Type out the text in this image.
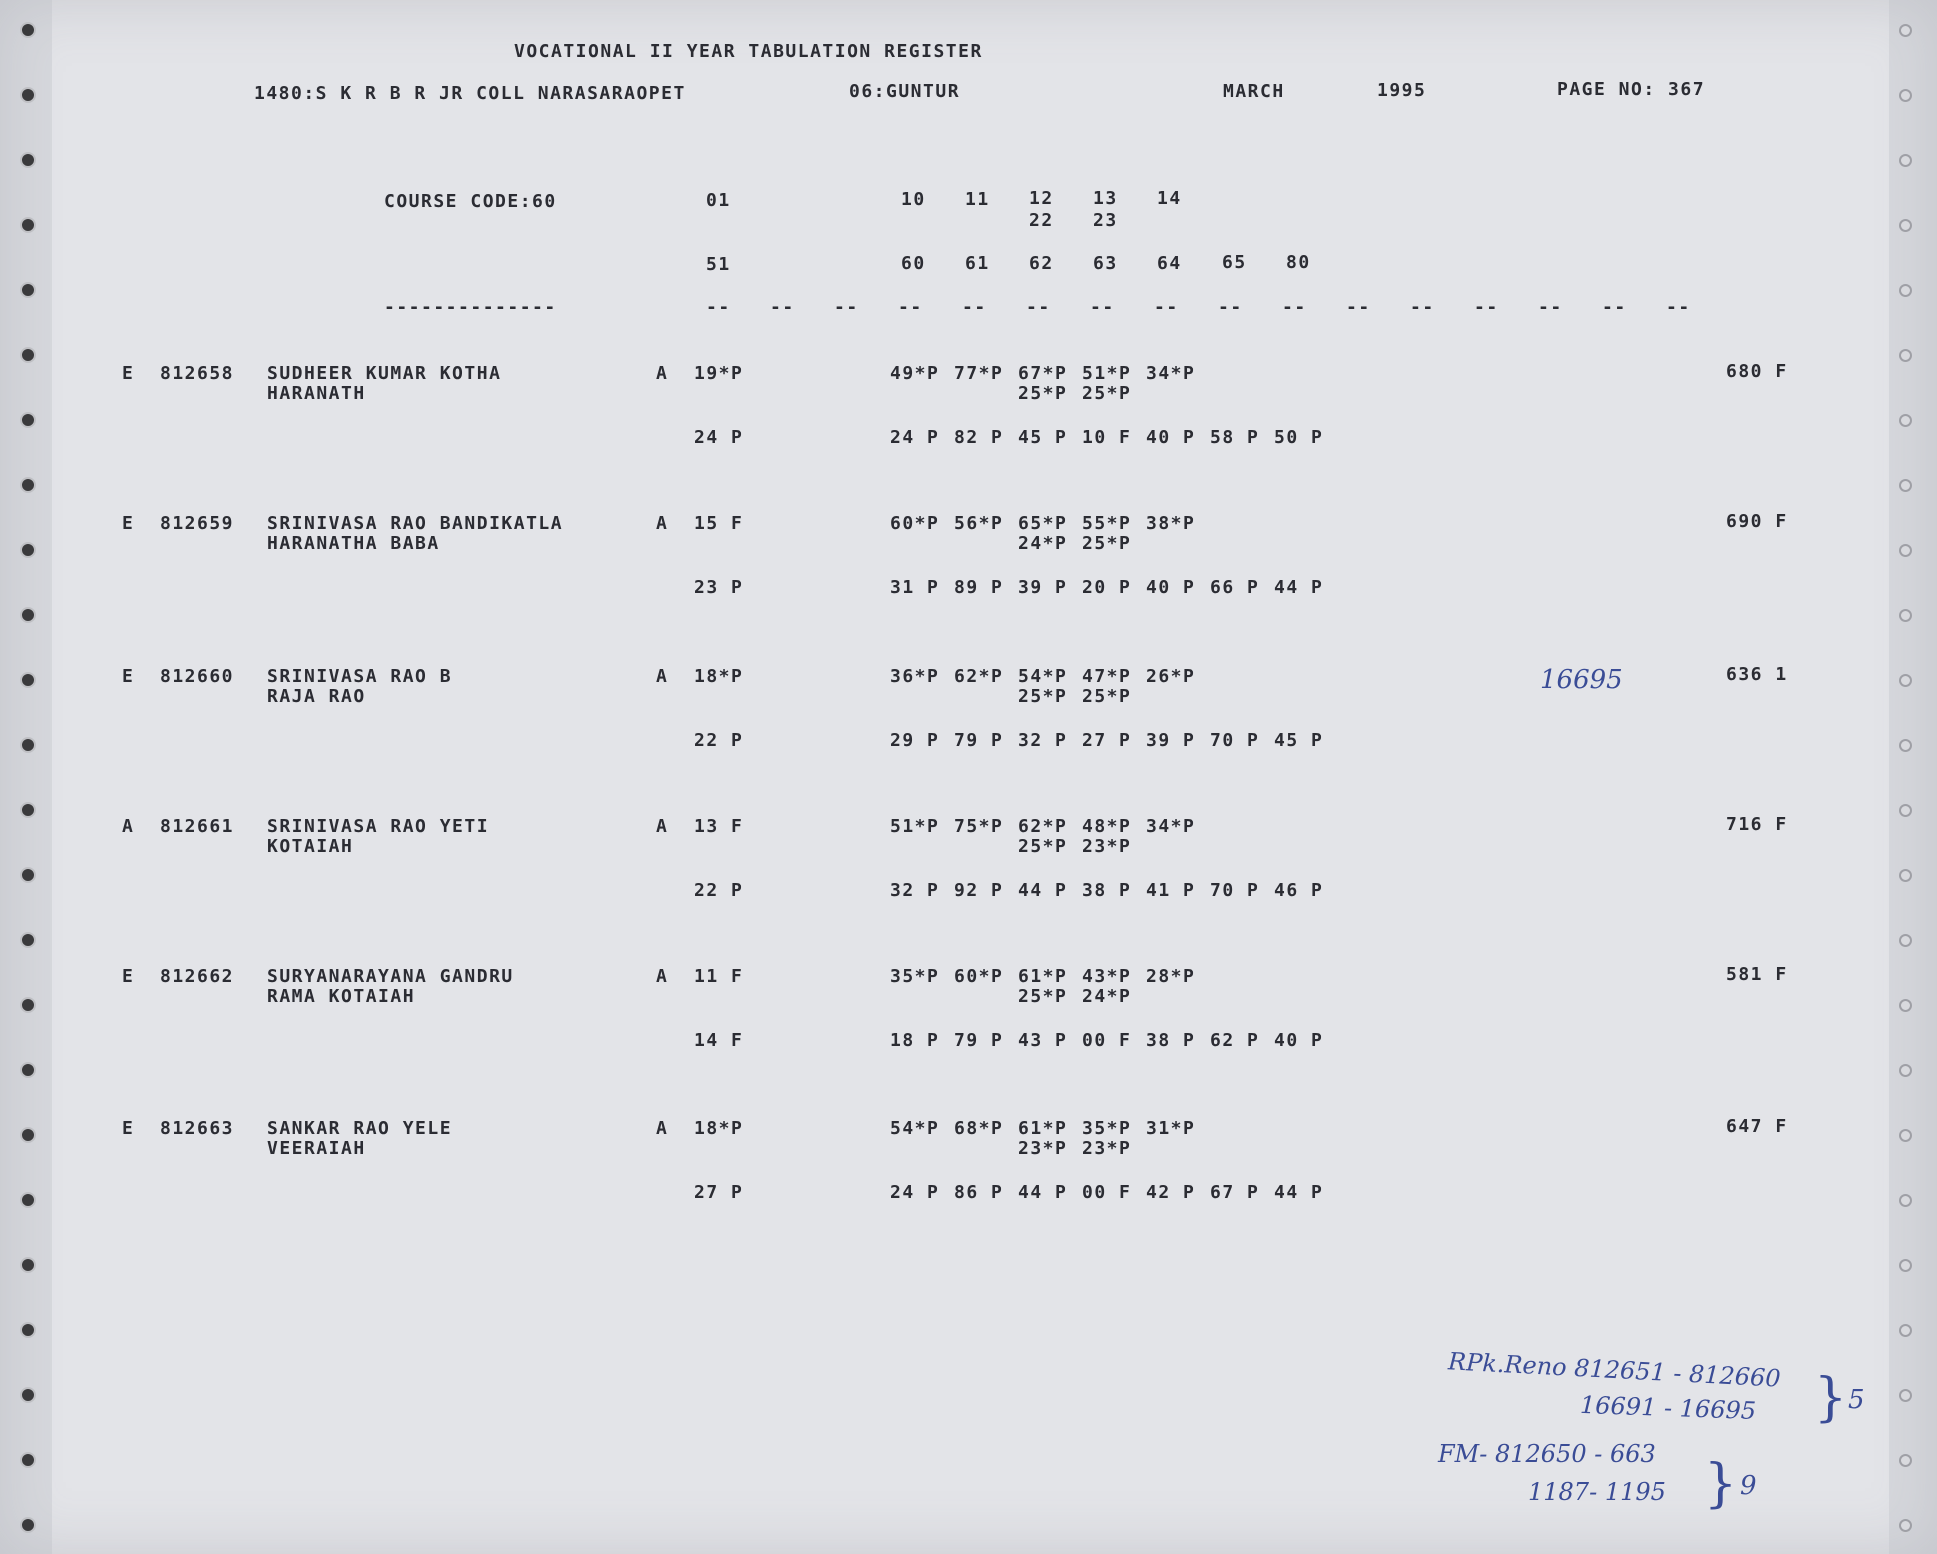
VOCATIONAL II YEAR TABULATION REGISTER
1480:S K R B R JR COLL NARASARAOPET	06:GUNTUR	MARCH	1995	PAGE NO: 367
COURSE CODE:60	01	10 11 12 13 14
22 23
51	60 61 62 63 64 65 80
--------------	-- -- -- -- -- -- -- -- -- -- -- -- -- -- -- --
E 812658 SUDHEER KUMAR KOTHA
HARANATH
A 19*P	49*P 77*P 67*P 51*P 34*P
25*P 25*P
24 P	24 P 82 P 45 P 10 F 40 P 58 P 50 P
680 F
E 812659 SRINIVASA RAO BANDIKATLA
HARANATHA BABA
A 15 F	60*P 56*P 65*P 55*P 38*P
24*P 25*P
23 P	31 P 89 P 39 P 20 P 40 P 66 P 44 P
690 F
E 812660 SRINIVASA RAO B
RAJA RAO
A 18*P	36*P 62*P 54*P 47*P 26*P
25*P 25*P
22 P	29 P 79 P 32 P 27 P 39 P 70 P 45 P
636 1
A 812661 SRINIVASA RAO YETI
KOTAIAH
A 13 F	51*P 75*P 62*P 48*P 34*P
25*P 23*P
22 P	32 P 92 P 44 P 38 P 41 P 70 P 46 P
716 F
E 812662 SURYANARAYANA GANDRU
RAMA KOTAIAH
A 11 F	35*P 60*P 61*P 43*P 28*P
25*P 24*P
14 F	18 P 79 P 43 P 00 F 38 P 62 P 40 P
581 F
E 812663 SANKAR RAO YELE
VEERAIAH
A 18*P	54*P 68*P 61*P 35*P 31*P
23*P 23*P
27 P	24 P 86 P 44 P 00 F 42 P 67 P 44 P
647 F
16695
RPk.Reno 812651 - 812660
16691 - 16695 } 5
FM- 812650 - 663
1187- 1195 } 9
